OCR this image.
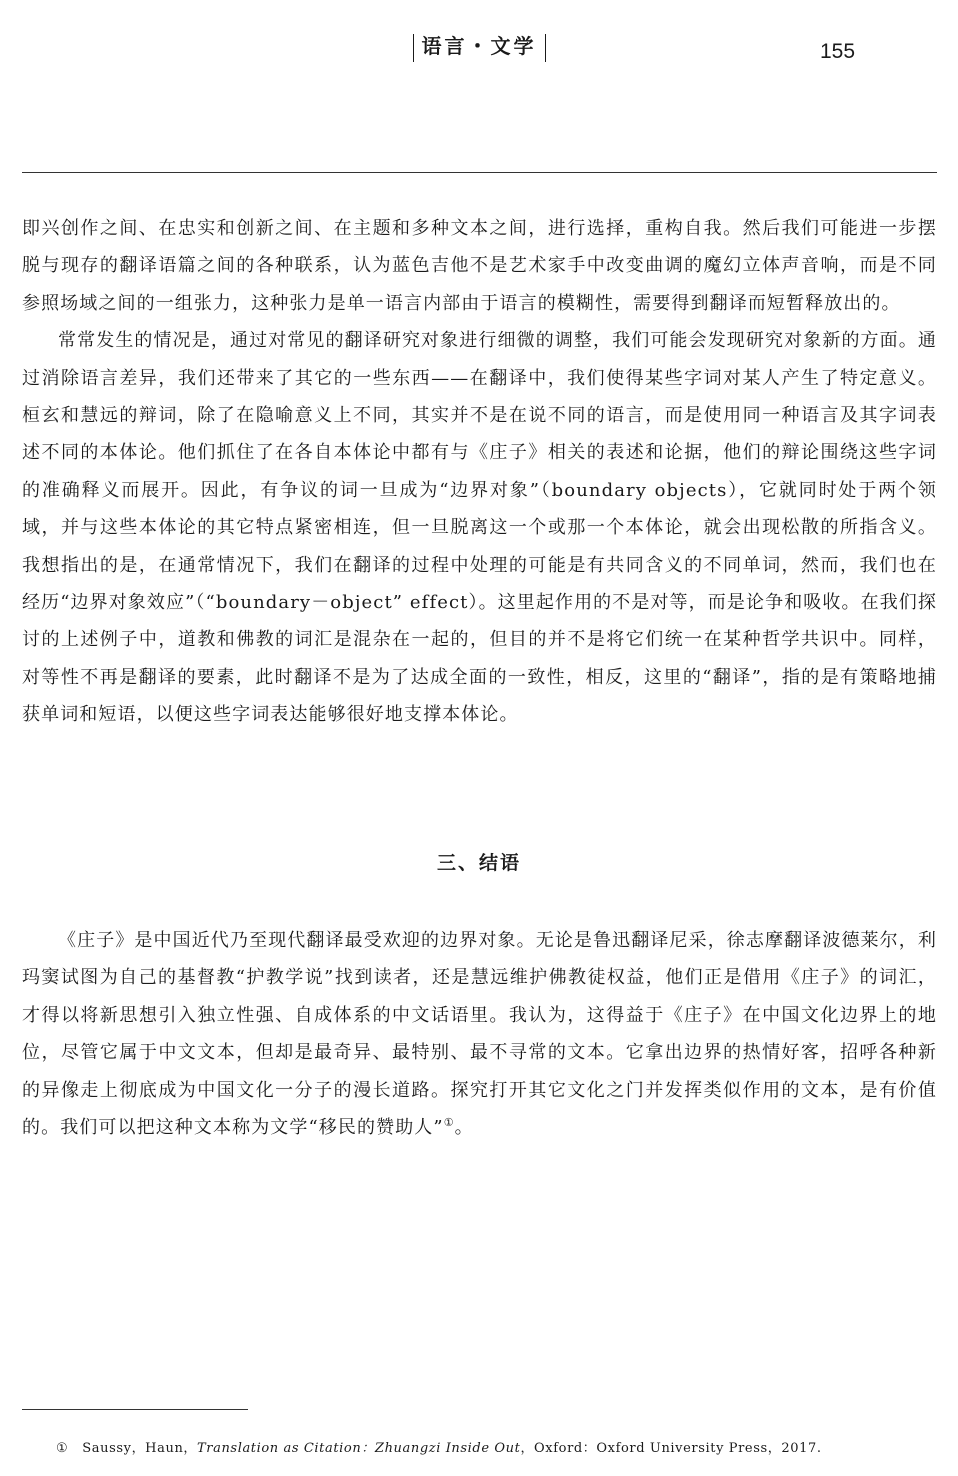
语言・文学	155

即兴创作之间、在忠实和创新之间、在主题和多种文本之间，进行选择，重构自我。然后我们可能进一步摆脱与现存的翻译语篇之间的各种联系，认为蓝色吉他不是艺术家手中改变曲调的魔幻立体声音响，而是不同参照场域之间的一组张力，这种张力是单一语言内部由于语言的模糊性，需要得到翻译而短暂释放出的。

常常发生的情况是，通过对常见的翻译研究对象进行细微的调整，我们可能会发现研究对象新的方面。通过消除语言差异，我们还带来了其它的一些东西——在翻译中，我们使得某些字词对某人产生了特定意义。桓玄和慧远的辩词，除了在隐喻意义上不同，其实并不是在说不同的语言，而是使用同一种语言及其字词表述不同的本体论。他们抓住了在各自本体论中都有与《庄子》相关的表述和论据，他们的辩论围绕这些字词的准确释义而展开。因此，有争议的词一旦成为“边界对象”（boundary objects），它就同时处于两个领域，并与这些本体论的其它特点紧密相连，但一旦脱离这一个或那一个本体论，就会出现松散的所指含义。我想指出的是，在通常情况下，我们在翻译的过程中处理的可能是有共同含义的不同单词，然而，我们也在经历“边界对象效应”（“boundary－object” effect）。这里起作用的不是对等，而是论争和吸收。在我们探讨的上述例子中，道教和佛教的词汇是混杂在一起的，但目的并不是将它们统一在某种哲学共识中。同样，对等性不再是翻译的要素，此时翻译不是为了达成全面的一致性，相反，这里的“翻译”，指的是有策略地捕获单词和短语，以便这些字词表达能够很好地支撑本体论。

三、结语

《庄子》是中国近代乃至现代翻译最受欢迎的边界对象。无论是鲁迅翻译尼采，徐志摩翻译波德莱尔，利玛窦试图为自己的基督教“护教学说”找到读者，还是慧远维护佛教徒权益，他们正是借用《庄子》的词汇，才得以将新思想引入独立性强、自成体系的中文话语里。我认为，这得益于《庄子》在中国文化边界上的地位，尽管它属于中文文本，但却是最奇异、最特别、最不寻常的文本。它拿出边界的热情好客，招呼各种新的异像走上彻底成为中国文化一分子的漫长道路。探究打开其它文化之门并发挥类似作用的文本，是有价值的。我们可以把这种文本称为文学“移民的赞助人”①。

① Saussy，Haun，Translation as Citation：Zhuangzi Inside Out，Oxford：Oxford University Press，2017.
